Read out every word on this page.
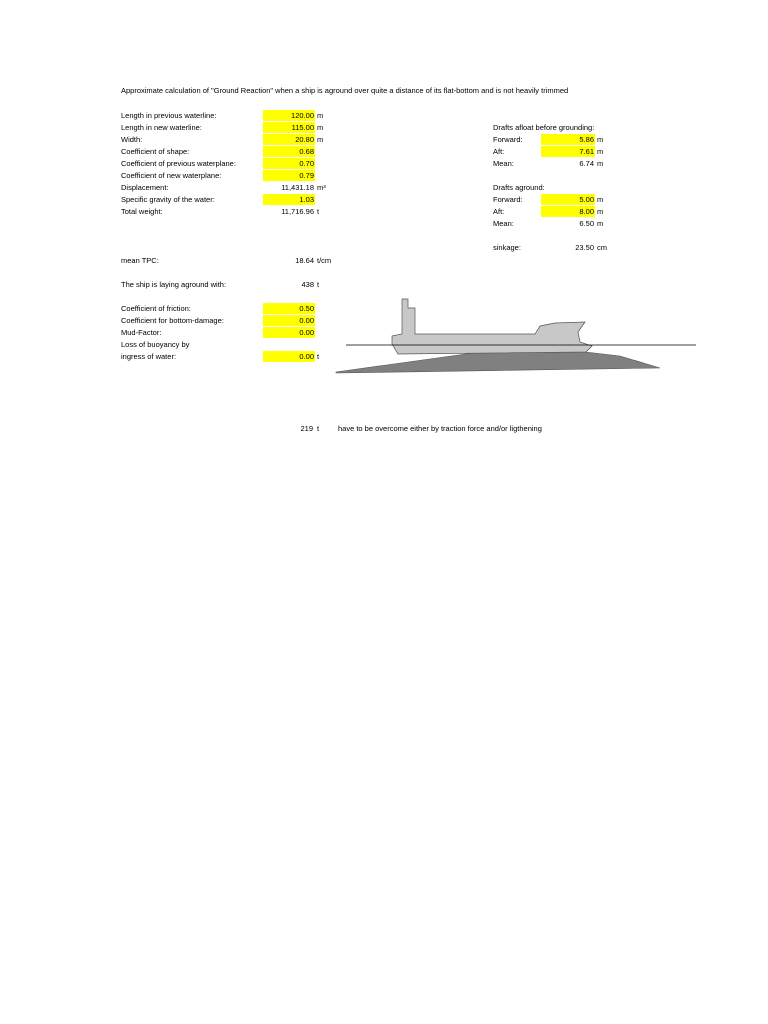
Approximate calculation of "Ground Reaction" when a ship is aground over quite a distance of its flat-bottom and is not heavily trimmed
Length in previous waterline:	120.00 m
Length in new waterline:	115.00 m
Width:	20.80 m
Coefficient of shape:	0.68
Coefficient of previous waterplane:	0.70
Coefficient of new waterplane:	0.79
Displacement:	11,431.18 m³
Specific gravity of the water:	1.03
Total weight:	11,716.96 t
Drafts afloat before grounding:
Forward:	5.86 m
Aft:	7.61 m
Mean:	6.74 m
Drafts aground:
Forward:	5.00 m
Aft:	8.00 m
Mean:	6.50 m
sinkage:	23.50 cm
mean TPC:	18.64 t/cm
The ship is laying aground with:	438 t
Coefficient of friction:	0.50
Coefficient for bottom-damage:	0.00
Mud-Factor:	0.00
Loss of buoyancy by
ingress of water:	0.00 t
219 t	have to be overcome either by traction force and/or ligthening
